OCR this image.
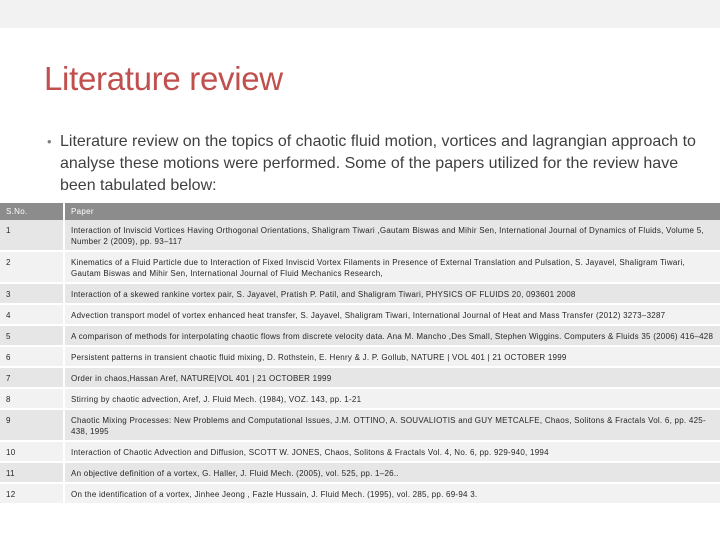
Literature review
• Literature review on the topics of chaotic fluid motion, vortices and lagrangian approach to analyse these motions were performed. Some of the papers utilized for the review have been tabulated below:
S.No.	Paper
1	Interaction of Inviscid Vortices Having Orthogonal Orientations, Shaligram Tiwari ,Gautam Biswas and Mihir Sen, International Journal of Dynamics of Fluids, Volume 5, Number 2 (2009), pp. 93–117
2	Kinematics of a Fluid Particle due to Interaction of Fixed Inviscid Vortex Filaments in Presence of External Translation and Pulsation, S. Jayavel, Shaligram Tiwari, Gautam Biswas and Mihir Sen, International Journal of Fluid Mechanics Research,
3	Interaction of a skewed rankine vortex pair, S. Jayavel, Pratish P. Patil, and Shaligram Tiwari, PHYSICS OF FLUIDS 20, 093601 2008
4	Advection transport model of vortex enhanced heat transfer, S. Jayavel, Shaligram Tiwari, International Journal of Heat and Mass Transfer (2012) 3273–3287
5	A comparison of methods for interpolating chaotic flows from discrete velocity data. Ana M. Mancho ,Des Small, Stephen Wiggins. Computers & Fluids 35 (2006) 416–428
6	Persistent patterns in transient chaotic fluid mixing, D. Rothstein, E. Henry & J. P. Gollub, NATURE | VOL 401 | 21 OCTOBER 1999
7	Order in chaos,Hassan Aref, NATURE|VOL 401 | 21 OCTOBER 1999
8	Stirring by chaotic advection, Aref, J. Fluid Mech. (1984), VOZ. 143, pp. 1-21
9	Chaotic Mixing Processes: New Problems and Computational Issues, J.M. OTTINO, A. SOUVALIOTIS and GUY METCALFE, Chaos, Solitons & Fractals Vol. 6, pp. 425-438, 1995
10	Interaction of Chaotic Advection and Diffusion, SCOTT W. JONES, Chaos, Solitons & Fractals Vol. 4, No. 6, pp. 929-940, 1994
11	An objective definition of a vortex, G. Haller, J. Fluid Mech. (2005), vol. 525, pp. 1–26..
12	On the identification of a vortex, Jinhee Jeong , Fazle Hussain, J. Fluid Mech. (1995), vol. 285, pp. 69-94 3.
